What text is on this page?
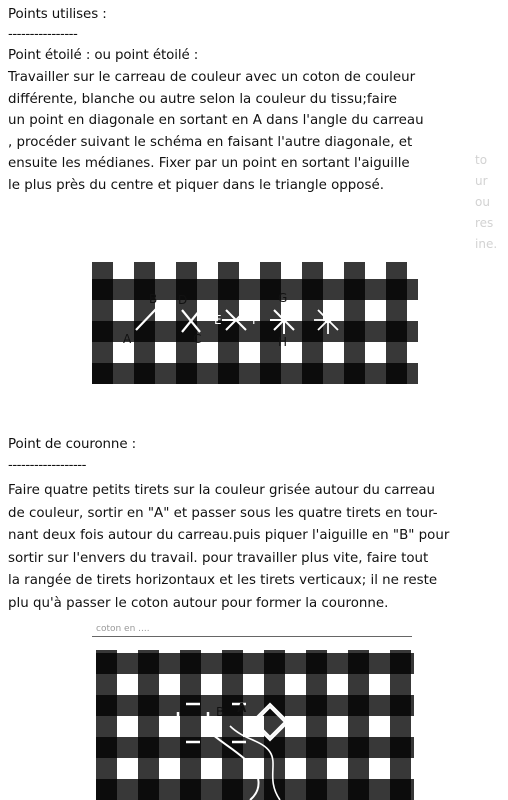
Points utilises :
----------------
Point étoilé : ou point étoilé :
Travailler sur le carreau de couleur avec un coton de couleur
différente, blanche ou autre selon la couleur du tissu;faire
un point en diagonale en sortant en A dans l'angle du carreau
, procéder suivant le schéma en faisant l'autre diagonale, et
ensuite les médianes. Fixer par un point en sortant l'aiguille
le plus près du centre et piquer dans le triangle opposé.
to
ur
ou
res
ine.
A
B D
C
E	F
G
H
Point de couronne :
------------------
Faire quatre petits tirets sur la couleur grisée autour du carreau
de couleur, sortir en "A" et passer sous les quatre tirets en tour-
nant deux fois autour du carreau.puis piquer l'aiguille en "B" pour
sortir sur l'envers du travail. pour travailler plus vite, faire tout
la rangée de tirets horizontaux et les tirets verticaux; il ne reste
plu qu'à passer le coton autour pour former la couronne.
coton en ....
B A
